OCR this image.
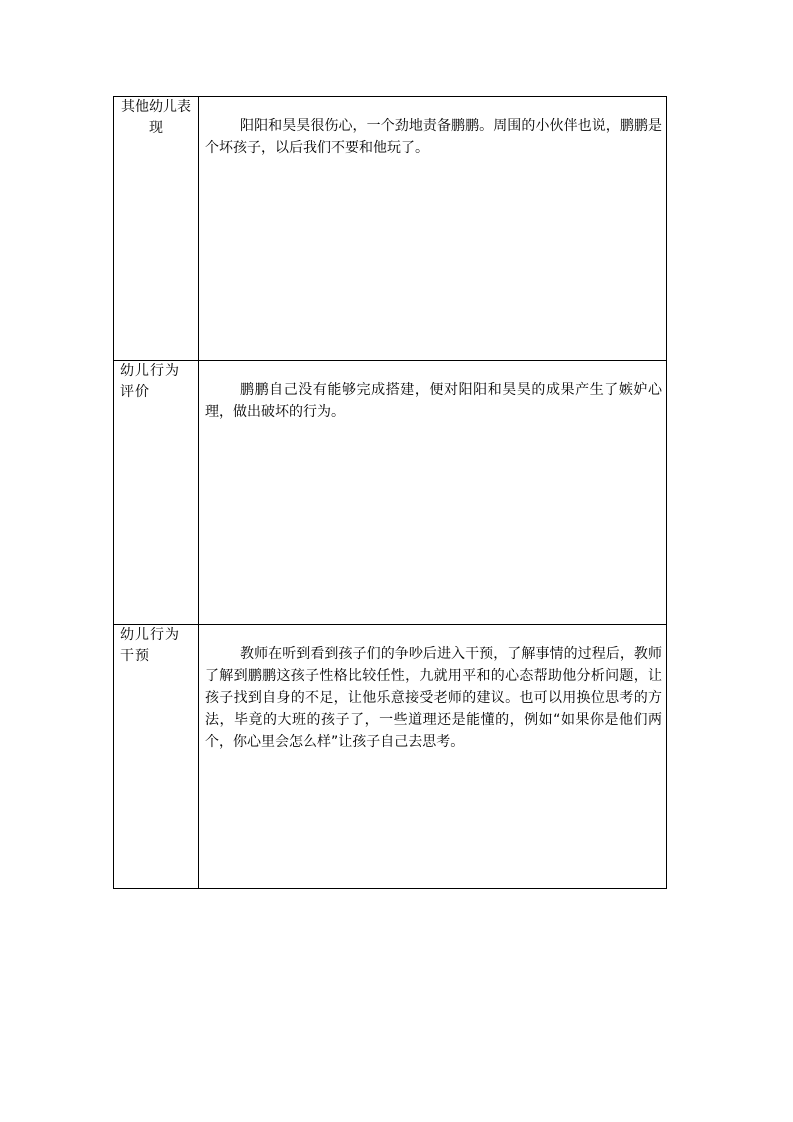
其他幼儿表现	阳阳和昊昊很伤心，一个劲地责备鹏鹏。周围的小伙伴也说，鹏鹏是个坏孩子，以后我们不要和他玩了。

幼儿行为评价	鹏鹏自己没有能够完成搭建，便对阳阳和昊昊的成果产生了嫉妒心理，做出破坏的行为。

幼儿行为干预	教师在听到看到孩子们的争吵后进入干预，了解事情的过程后，教师了解到鹏鹏这孩子性格比较任性，九就用平和的心态帮助他分析问题，让孩子找到自身的不足，让他乐意接受老师的建议。也可以用换位思考的方法，毕竟的大班的孩子了，一些道理还是能懂的，例如“如果你是他们两个，你心里会怎么样”让孩子自己去思考。
